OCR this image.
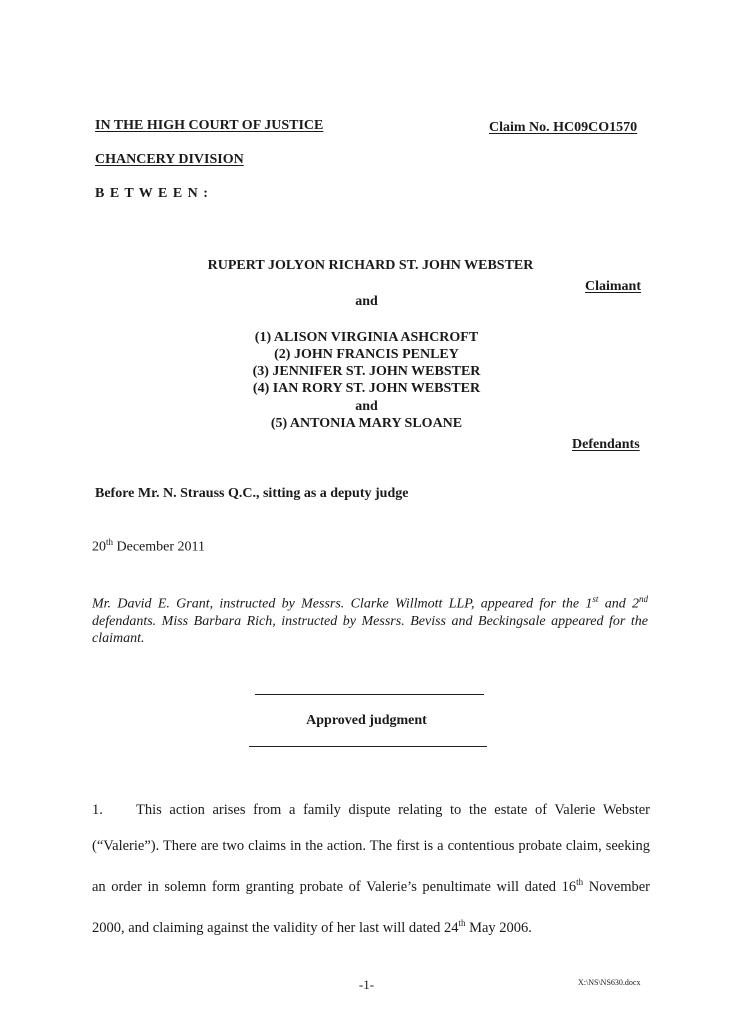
IN THE HIGH COURT OF JUSTICE	Claim No. HC09CO1570
CHANCERY DIVISION
B E T W E E N :
RUPERT JOLYON RICHARD ST. JOHN WEBSTER
Claimant
and
(1) ALISON VIRGINIA ASHCROFT
(2) JOHN FRANCIS PENLEY
(3) JENNIFER ST. JOHN WEBSTER
(4) IAN RORY ST. JOHN WEBSTER
and
(5) ANTONIA MARY SLOANE
Defendants
Before Mr. N. Strauss Q.C., sitting as a deputy judge
20th December 2011
Mr. David E. Grant, instructed by Messrs. Clarke Willmott LLP, appeared for the 1st and 2nd defendants. Miss Barbara Rich, instructed by Messrs. Beviss and Beckingsale appeared for the claimant.
Approved judgment
1.	This action arises from a family dispute relating to the estate of Valerie Webster (“Valerie”). There are two claims in the action. The first is a contentious probate claim, seeking an order in solemn form granting probate of Valerie’s penultimate will dated 16th November 2000, and claiming against the validity of her last will dated 24th May 2006.
-1-	X:\NS\NS630.docx
